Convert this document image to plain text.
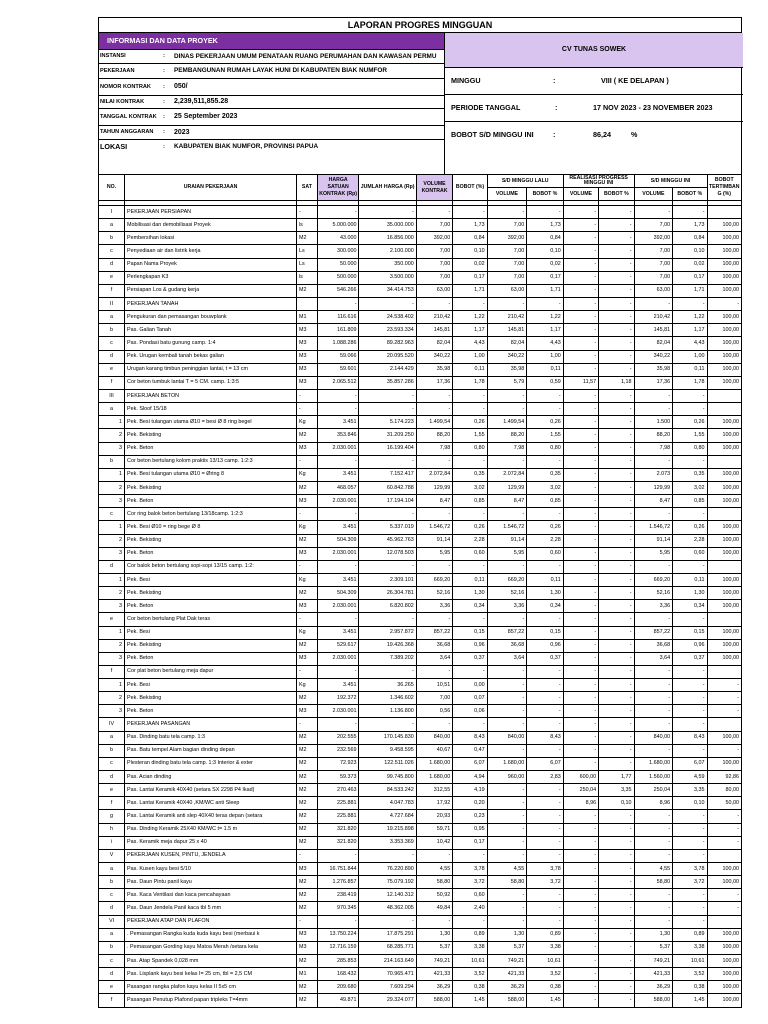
LAPORAN PROGRES MINGGUAN
INFORMASI DAN DATA PROYEK
INSTANSI	: DINAS PEKERJAAN UMUM PENATAAN RUANG PERUMAHAN DAN KAWASAN PERMU
PEKERJAAN	: PEMBANGUNAN RUMAH LAYAK HUNI DI KABUPATEN BIAK NUMFOR
NOMOR KONTRAK : 050/
NILAI KONTRAK	: 2,239,511,855.28
TANGGAL KONTRAK : 25 September 2023
TAHUN ANGGARAN : 2023
LOKASI	: KABUPATEN BIAK NUMFOR, PROVINSI PAPUA
CV TUNAS SOWEK
MINGGU	:	VIII ( KE DELAPAN )
PERIODE TANGGAL	:	17 NOV 2023 - 23 NOVEMBER 2023
BOBOT S/D MINGGU INI	:	86,24	%
NO.	URAIAN PEKERJAAN	SAT	HARGA SATUAN KONTRAK (Rp)	JUMLAH HARGA (Rp)	VOLUME KONTRAK	BOBOT (%)	S/D MINGGU LALU		REALISASI PROGRESS
MINGGU INI		S/D MINGGU INI		BOBOT TERTIMBAN G (%)
							VOLUME	BOBOT %	VOLUME	BOBOT %	VOLUME	BOBOT %	

I	PEKERJAAN PERSIAPAN	-	-	-	-	-	-	-	-	-	-	-	
a	Mobilisasi dan demobilisasi Proyek	ls	5.000.000	35.000.000	7,00	1,73	7,00	1,73	-	-	7,00	1,73	100,00
b	Pembersihan lokasi	M2	43.000	16.856.000	392,00	0,84	392,00	0,84	-	-	392,00	0,84	100,00
c	Penyediaan air dan listrik kerja	Ls	300.000	2.100.000	7,00	0,10	7,00	0,10	-	-	7,00	0,10	100,00
d	Papan Nama Proyek	Ls	50.000	350.000	7,00	0,02	7,00	0,02	-	-	7,00	0,02	100,00
e	Perlengkapan K3	ls	500.000	3.500.000	7,00	0,17	7,00	0,17	-	-	7,00	0,17	100,00
f	Persiapan Los & gudang kerja	M2	546.266	34.414.753	63,00	1,71	63,00	1,71	-	-	63,00	1,71	100,00
II	PEKERJAAN TANAH		-	-	-	-	-	-	-	-	-	-	-
a	Pengukuran dan pemasangan bouwplank	M1	116.616	24.538.402	210,42	1,22	210,42	1,22	-	-	210,42	1,22	100,00
b	Pas. Galian Tanah	M3	161.809	23.593.334	145,81	1,17	145,81	1,17	-	-	145,81	1,17	100,00
c	Pas. Pondasi batu gunung camp. 1:4	M3	1.088.286	89.282.963	82,04	4,43	82,04	4,43	-	-	82,04	4,43	100,00
d	Pek. Urugan kembali tanah bekas galian	M3	59.066	20.095.520	340,22	1,00	340,22	1,00	-	-	340,22	1,00	100,00
e	Urugan karang timbun peninggian lantai, t = 13 cm	M3	59.601	2.144.429	35,98	0,11	35,98	0,11	-	-	35,98	0,11	100,00
f	Cor beton tumbuk lantai T = 5 CM. camp. 1:3:5	M3	2.065.512	35.857.286	17,36	1,78	5,79	0,59	11,57	1,18	17,36	1,78	100,00
III	PEKERJAAN BETON	-	-	-	-	-	-	-	-	-	-	-	
a	Pek. Sloof 15/18	-	-	-	-	-	-	-	-	-	-	-	
1	Pek. Besi tulangan utama Ø10 = besi Ø 8 ring begel	Kg	3.451	5.174.223	1.499,54	0,26	1.499,54	0,26	-	-	1.500	0,26	100,00
2	Pek. Bekisting	M2	353.846	31.209.250	88,20	1,55	88,20	1,55	-	-	88,20	1,55	100,00
3	Pek. Beton	M3	2.030.001	16.199.404	7,98	0,80	7,98	0,80	-	-	7,98	0,80	100,00
b	Cor beton bertulang kolom praktis 13/13 camp. 1:2:3	-	-	-	-	-	-	-	-	-	-	-	
1	Pek. Besi tulangan utama Ø10 = Øring 8	Kg	3.451	7.152.417	2.072,84	0,35	2.072,84	0,35	-	-	2.073	0,35	100,00
2	Pek. Bekisting	M2	468.057	60.842.788	129,99	3,02	129,99	3,02	-	-	129,99	3,02	100,00
3	Pek. Beton	M3	2.030.001	17.194.104	8,47	0,85	8,47	0,85	-	-	8,47	0,85	100,00
c	Cor ring balok beton bertulang 13/18camp. 1:2:3	-	-	-	-	-	-	-	-	-	-	-	
1	Pek. Besi Ø10 = ring bege Ø 8	Kg	3.451	5.337.019	1.546,72	0,26	1.546,72	0,26	-	-	1.546,72	0,26	100,00
2	Pek. Bekisting	M2	504.309	45.962.763	91,14	2,28	91,14	2,28	-	-	91,14	2,28	100,00
3	Pek. Beton	M3	2.030.001	12.078.503	5,95	0,60	5,95	0,60	-	-	5,95	0,60	100,00
d	Cor balok beton bertulang sopi-sopi 13/15 camp. 1:2:	-	-	-	-	-	-	-	-	-	-	-	
1	Pek. Besi	Kg	3.451	2.309.101	669,20	0,11	669,20	0,11	-	-	669,20	0,11	100,00
2	Pek. Bekisting	M2	504.309	26.304.781	52,16	1,30	52,16	1,30	-	-	52,16	1,30	100,00
3	Pek. Beton	M3	2.030.001	6.820.802	3,36	0,34	3,36	0,34	-	-	3,36	0,34	100,00
e	Cor beton bertulang Plat Dak teras	-	-	-	-	-	-	-	-	-	-	-	
1	Pek. Besi	Kg	3.451	2.957.872	857,22	0,15	857,22	0,15	-	-	857,22	0,15	100,00
2	Pek. Bekisting	M2	529.617	19.426.368	36,68	0,96	36,68	0,96	-	-	36,68	0,96	100,00
3	Pek. Beton	M3	2.030.001	7.389.202	3,64	0,37	3,64	0,37	-	-	3,64	0,37	100,00
f	Cor plat beton bertulang meja dapur	-	-	-	-	-	-	-	-	-	-	-	
1	Pek. Besi	Kg	3.451	36.265	10,51	0,00	-	-	-	-	-	-	-
2	Pek. Bekisting	M2	192.372	1.346.602	7,00	0,07	-	-	-	-	-	-	-
3	Pek. Beton	M3	2.030.001	1.136.800	0,56	0,06	-	-	-	-	-	-	-
IV	PEKERJAAN PASANGAN	-	-	-	-	-	-	-	-	-	-	-	
a	Pas. Dinding batu tela camp. 1:3	M2	202.555	170.145.830	840,00	8,43	840,00	8,43	-	-	840,00	8,43	100,00
b	Pas. Batu tempel Alam bagian dinding depan	M2	232.569	9.458.595	40,67	0,47	-	-	-	-	-	-	-
c	Plesteran dinding batu tela camp. 1:3 Interior & exter	M2	72.923	122.511.026	1.680,00	6,07	1.680,00	6,07	-	-	1.680,00	6,07	100,00
d	Pas. Acian dinding	M2	59.373	99.745.800	1.680,00	4,94	960,00	2,83	600,00	1,77	1.560,00	4,59	92,86
e	Pas. Lantai Keramik 40X40 (setara SX 2298 P4 Ikad)	M2	270.463	84.533.242	312,55	4,19	-	-	250,04	3,35	250,04	3,35	80,00
f	Pas. Lantai Keramik 40X40 ,KM/WC anti Sleep	M2	225.881	4.047.783	17,92	0,20	-	-	8,96	0,10	8,96	0,10	50,00
g	Pas. Lantai Keramik anti slep 40X40 teras depan (setara	M2	225.881	4.727.684	20,93	0,23	-	-	-	-	-	-	-
h	Pas. Dinding Keramik 25X40 KM/WC t= 1.5 m	M2	321.820	19.215.898	59,71	0,95	-	-	-	-	-	-	-
i	Pas. Keramik meja dapur 25 x 40	M2	321.820	3.353.369	10,42	0,17	-	-	-	-	-	-	-
V	PEKERJAAN KUSEN, PINTU, JENDELA	-	-	-	-	-	-	-	-	-	-	-	
a	Pas. Kusen kayu besi 5/10	M3	16.751.844	76.220.890	4,55	3,78	4,55	3,78	-	-	4,55	3,78	100,00
b	Pas. Daun Pintu panil kayu	M2	1.276.857	75.079.192	58,80	3,72	58,80	3,72	-	-	58,80	3,72	100,00
c	Pas. Kaca Ventilasi dan kaca pencahayaan	M2	238.419	12.140.312	50,92	0,60	-	-	-	-	-	-	-
d	Pas. Daun Jendela Panil kaca tbl 5 mm	M2	970.345	48.362.005	49,84	2,40	-	-	-	-	-	-	-
VI	PEKERJAAN ATAP DAN PLAFON	-	-	-	-	-	-	-	-	-	-	-	
a	. Pemasangan Rangka kuda kuda kayu besi (merbaui k	M3	13.750.224	17.875.291	1,30	0,89	1,30	0,89	-	-	1,30	0,89	100,00
b	. Pemasangan Gording kayu Matoa Merah /setara kela	M3	12.716.159	68.285.771	5,37	3,38	5,37	3,38	-	-	5,37	3,38	100,00
c	Pas. Atap Spandek 0,028 mm	M2	285.853	214.163.649	749,21	10,61	749,21	10,61	-	-	749,21	10,61	100,00
d	Pas. Lisplank kayu besi kelas I= 25 cm, tbl = 2,5 CM	M1	168.432	70.965.471	421,33	3,52	421,33	3,52	-	-	421,33	3,52	100,00
e	Pasangan rangka plafon kayu kelas II 5x5 cm	M2	209.680	7.609.294	36,29	0,38	36,29	0,38	-	-	36,29	0,38	100,00
f	Pasangan Penutup Plafond papan tripleks T=4mm	M2	49.871	29.324.077	588,00	1,45	588,00	1,45	-	-	588,00	1,45	100,00
